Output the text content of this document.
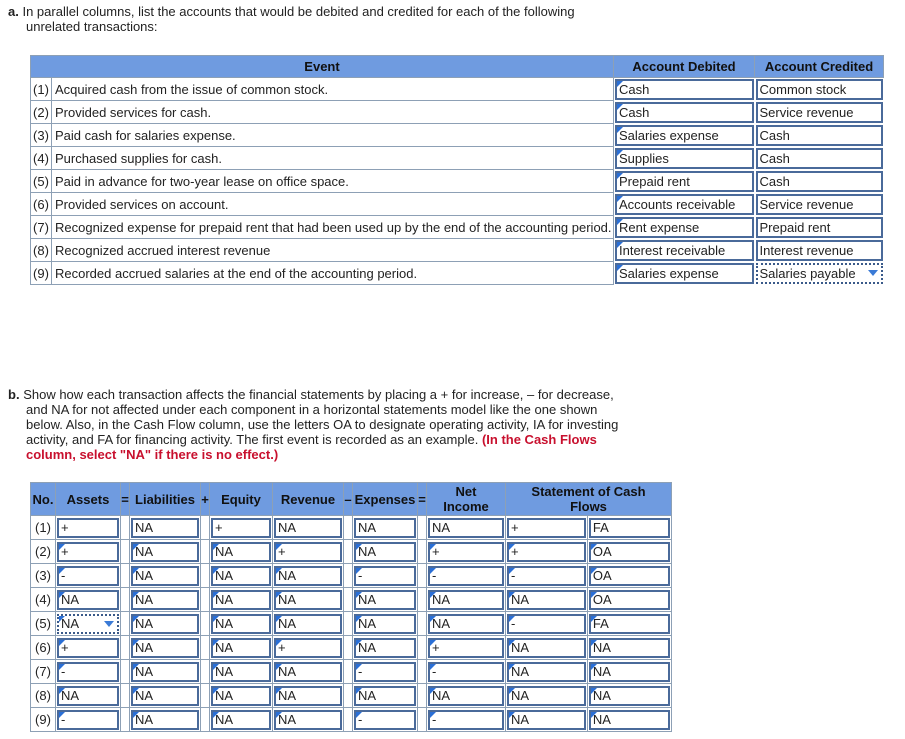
a. In parallel columns, list the accounts that would be debited and credited for each of the following
unrelated transactions:
Event		Account Debited	Account Credited
(1)	Acquired cash from the issue of common stock.	Cash	Common stock

(2)	Provided services for cash.	Cash	Service revenue

(3)	Paid cash for salaries expense.	Salaries expense	Cash

(4)	Purchased supplies for cash.	Supplies	Cash

(5)	Paid in advance for two-year lease on office space.	Prepaid rent	Cash

(6)	Provided services on account.	Accounts receivable	Service revenue

(7)	Recognized expense for prepaid rent that had been used up by the end of the accounting period.	Rent expense	Prepaid rent

(8)	Recognized accrued interest revenue	Interest receivable	Interest revenue

(9)	Recorded accrued salaries at the end of the accounting period.	Salaries expense	Salaries payable
b. Show how each transaction affects the financial statements by placing a + for increase, – for decrease,
and NA for not affected under each component in a horizontal statements model like the one shown
below. Also, in the Cash Flow column, use the letters OA to designate operating activity, IA for investing
activity, and FA for financing activity. The first event is recorded as an example. (In the Cash Flows
column, select "NA" if there is no effect.)
No.	Assets	=	Liabilities	+	Equity	Revenue	–	Expenses	=	Net
Income	Statement of Cash
Flows	
(1)	+		NA		+	NA		NA		NA	+	FA

(2)	+		NA		NA	+		NA		+	+	OA

(3)	-		NA		NA	NA		-		-	-	OA

(4)	NA		NA		NA	NA		NA		NA	NA	OA

(5)	NA		NA		NA	NA		NA		NA	-	FA

(6)	+		NA		NA	+		NA		+	NA	NA

(7)	-		NA		NA	NA		-		-	NA	NA

(8)	NA		NA		NA	NA		NA		NA	NA	NA

(9)	-		NA		NA	NA		-		-	NA	NA
